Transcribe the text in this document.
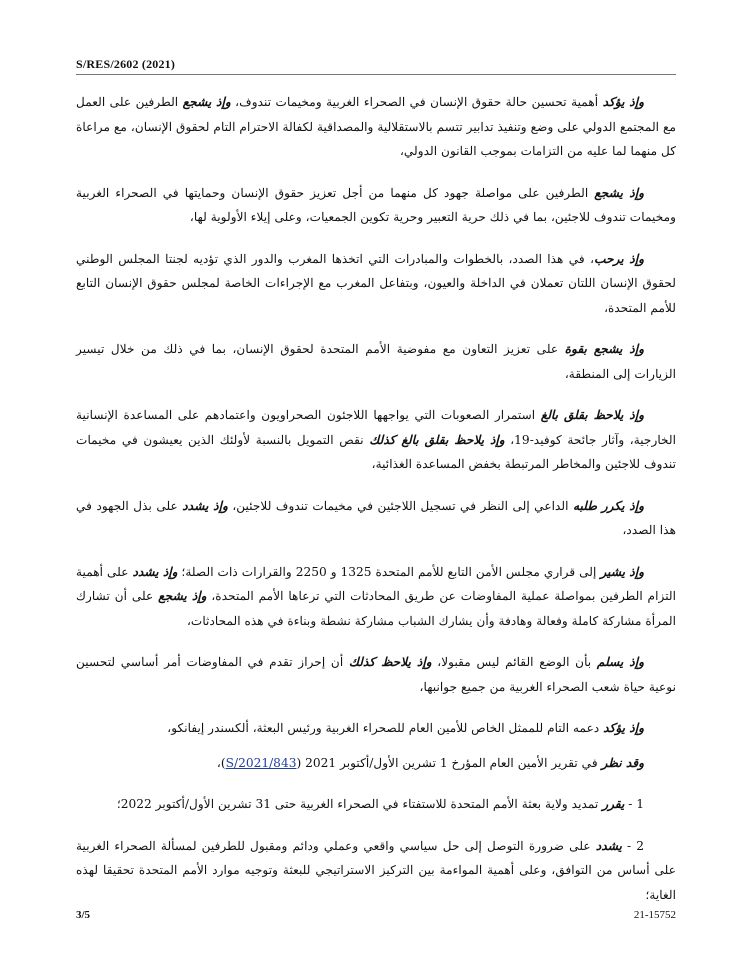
S/RES/2602 (2021)

وإذ يؤكد أهمية تحسين حالة حقوق الإنسان في الصحراء الغربية ومخيمات تندوف، وإذ يشجع الطرفين على العمل مع المجتمع الدولي على وضع وتنفيذ تدابير تتسم بالاستقلالية والمصداقية لكفالة الاحترام التام لحقوق الإنسان، مع مراعاة كل منهما لما عليه من التزامات بموجب القانون الدولي،

وإذ يشجع الطرفين على مواصلة جهود كل منهما من أجل تعزيز حقوق الإنسان وحمايتها في الصحراء الغربية ومخيمات تندوف للاجئين، بما في ذلك حرية التعبير وحرية تكوين الجمعيات، وعلى إيلاء الأولوية لها،

وإذ يرحب، في هذا الصدد، بالخطوات والمبادرات التي اتخذها المغرب والدور الذي تؤديه لجنتا المجلس الوطني لحقوق الإنسان اللتان تعملان في الداخلة والعيون، وبتفاعل المغرب مع الإجراءات الخاصة لمجلس حقوق الإنسان التابع للأمم المتحدة،

وإذ يشجع بقوة على تعزيز التعاون مع مفوضية الأمم المتحدة لحقوق الإنسان، بما في ذلك من خلال تيسير الزيارات إلى المنطقة،

وإذ يلاحظ بقلق بالغ استمرار الصعوبات التي يواجهها اللاجئون الصحراويون واعتمادهم على المساعدة الإنسانية الخارجية، وآثار جائحة كوفيد-19، وإذ يلاحظ بقلق بالغ كذلك نقص التمويل بالنسبة لأولئك الذين يعيشون في مخيمات تندوف للاجئين والمخاطر المرتبطة بخفض المساعدة الغذائية،

وإذ يكرر طلبه الداعي إلى النظر في تسجيل اللاجئين في مخيمات تندوف للاجئين، وإذ يشدد على بذل الجهود في هذا الصدد،

وإذ يشير إلى قراري مجلس الأمن التابع للأمم المتحدة 1325 و 2250 والقرارات ذات الصلة؛ وإذ يشدد على أهمية التزام الطرفين بمواصلة عملية المفاوضات عن طريق المحادثات التي ترعاها الأمم المتحدة، وإذ يشجع على أن تشارك المرأة مشاركة كاملة وفعالة وهادفة وأن يشارك الشباب مشاركة نشطة وبناءة في هذه المحادثات،

وإذ يسلم بأن الوضع القائم ليس مقبولا، وإذ يلاحظ كذلك أن إحراز تقدم في المفاوضات أمر أساسي لتحسين نوعية حياة شعب الصحراء الغربية من جميع جوانبها،

وإذ يؤكد دعمه التام للممثل الخاص للأمين العام للصحراء الغربية ورئيس البعثة، ألكسندر إيفانكو،

وقد نظر في تقرير الأمين العام المؤرخ 1 تشرين الأول/أكتوبر 2021 (S/2021/843)،

1 - يقرر تمديد ولاية بعثة الأمم المتحدة للاستفتاء في الصحراء الغربية حتى 31 تشرين الأول/أكتوبر 2022؛

2 - يشدد على ضرورة التوصل إلى حل سياسي واقعي وعملي ودائم ومقبول للطرفين لمسألة الصحراء الغربية على أساس من التوافق، وعلى أهمية المواءمة بين التركيز الاستراتيجي للبعثة وتوجيه موارد الأمم المتحدة تحقيقا لهذه الغاية؛

3/5	21-15752
